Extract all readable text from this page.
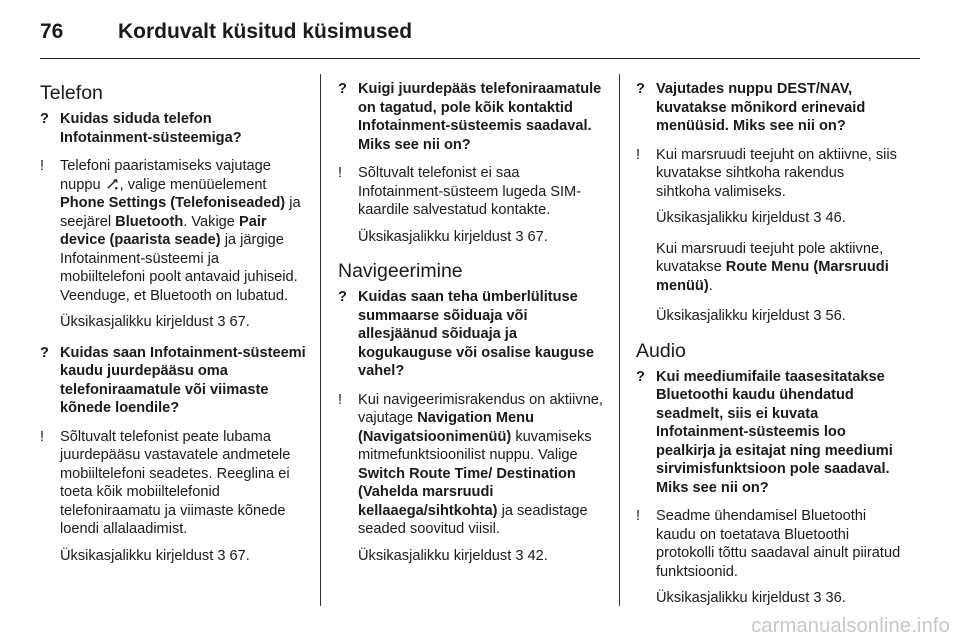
76	Korduvalt küsitud küsimused
Telefon
? Kuidas siduda telefon Infotainment-süsteemiga?
!	Telefoni paaristamiseks vajutage nuppu , valige menüüelement Phone Settings (Telefoniseaded) ja seejärel Bluetooth. Vakige Pair device (paarista seade) ja järgige Infotainment-süsteemi ja mobiiltelefoni poolt antavaid juhiseid. Veenduge, et Bluetooth on lubatud.
Üksikasjalikku kirjeldust 3 67.
? Kuidas saan Infotainment-süsteemi kaudu juurdepääsu oma telefoniraamatule või viimaste kõnede loendile?
!	Sõltuvalt telefonist peate lubama juurdepääsu vastavatele andmetele mobiiltelefoni seadetes. Reeglina ei toeta kõik mobiiltelefonid telefoniraamatu ja viimaste kõnede loendi allalaadimist.
Üksikasjalikku kirjeldust 3 67.
? Kuigi juurdepääs telefoniraamatule on tagatud, pole kõik kontaktid Infotainment-süsteemis saadaval. Miks see nii on?
!	Sõltuvalt telefonist ei saa Infotainment-süsteem lugeda SIM-kaardile salvestatud kontakte.
Üksikasjalikku kirjeldust 3 67.
Navigeerimine
? Kuidas saan teha ümberlülituse summaarse sõiduaja või allesjäänud sõiduaja ja kogukauguse või osalise kauguse vahel?
!	Kui navigeerimisrakendus on aktiivne, vajutage Navigation Menu (Navigatsioonimenüü) kuvamiseks mitmefunktsioonilist nuppu. Valige Switch Route Time/ Destination (Vahelda marsruudi kellaaega/sihtkohta) ja seadistage seaded soovitud viisil.
Üksikasjalikku kirjeldust 3 42.
? Vajutades nuppu DEST/NAV, kuvatakse mõnikord erinevaid menüüsid. Miks see nii on?
!	Kui marsruudi teejuht on aktiivne, siis kuvatakse sihtkoha rakendus sihtkoha valimiseks.
Üksikasjalikku kirjeldust 3 46.
Kui marsruudi teejuht pole aktiivne, kuvatakse Route Menu (Marsruudi menüü).
Üksikasjalikku kirjeldust 3 56.
Audio
? Kui meediumifaile taasesitatakse Bluetoothi kaudu ühendatud seadmelt, siis ei kuvata Infotainment-süsteemis loo pealkirja ja esitajat ning meediumi sirvimisfunktsioon pole saadaval. Miks see nii on?
!	Seadme ühendamisel Bluetoothi kaudu on toetatava Bluetoothi protokolli tõttu saadaval ainult piiratud funktsioonid.
Üksikasjalikku kirjeldust 3 36.
carmanualsonline.info
